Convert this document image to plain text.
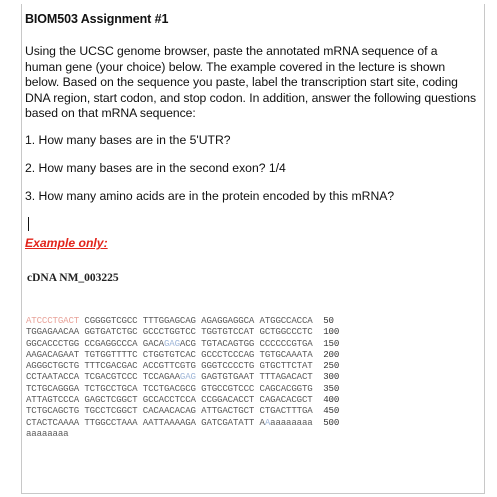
BIOM503 Assignment #1
Using the UCSC genome browser, paste the annotated mRNA sequence of a human gene (your choice) below. The example covered in the lecture is shown below. Based on the sequence you paste, label the transcription start site, coding DNA region, start codon, and stop codon. In addition, answer the following questions based on that mRNA sequence:
1. How many bases are in the 5'UTR?
2. How many bases are in the second exon? 1/4
3. How many amino acids are in the protein encoded by this mRNA?
Example only:
cDNA NM_003225
ATCCCTGACT CGGGGTCGCC TTTGGAGCAG AGAGGAGGCA ATGGCCACCA 50
TGGAGAACAA GGTGATCTGC GCCCTGGTCC TGGTGTCCAT GCTGGCCCTC 100
GGCACCCTGG CCGAGGCCCA GACAGAGACG TGTACAGTGG CCCCCCGTGA 150
AAGACAGAAT TGTGGTTTTC CTGGTGTCAC GCCCTCCCAG TGTGCAAATA 200
AGGGCTGCTG TTTCGACGAC ACCGTTCGTG GGGTCCCCTG GTGCTTCTAT 250
CCTAATACCA TCGACGTCCC TCCAGAAGAG GAGTGTGAAT TTTAGACACT 300
TCTGCAGGGA TCTGCCTGCA TCCTGACGCG GTGCCGTCCC CAGCACGGTG 350
ATTAGTCCCA GAGCTCGGCT GCCACCTCCA CCGGACACCT CAGACACGCT 400
TCTGCAGCTG TGCCTCGGCT CACAACACAG ATTGACTGCT CTGACTTTGA 450
CTACTCAAAA TTGGCCTAAA AATTAAAAGA GATCGATATT AAaaaaaaaa 500
aaaaaaaa
